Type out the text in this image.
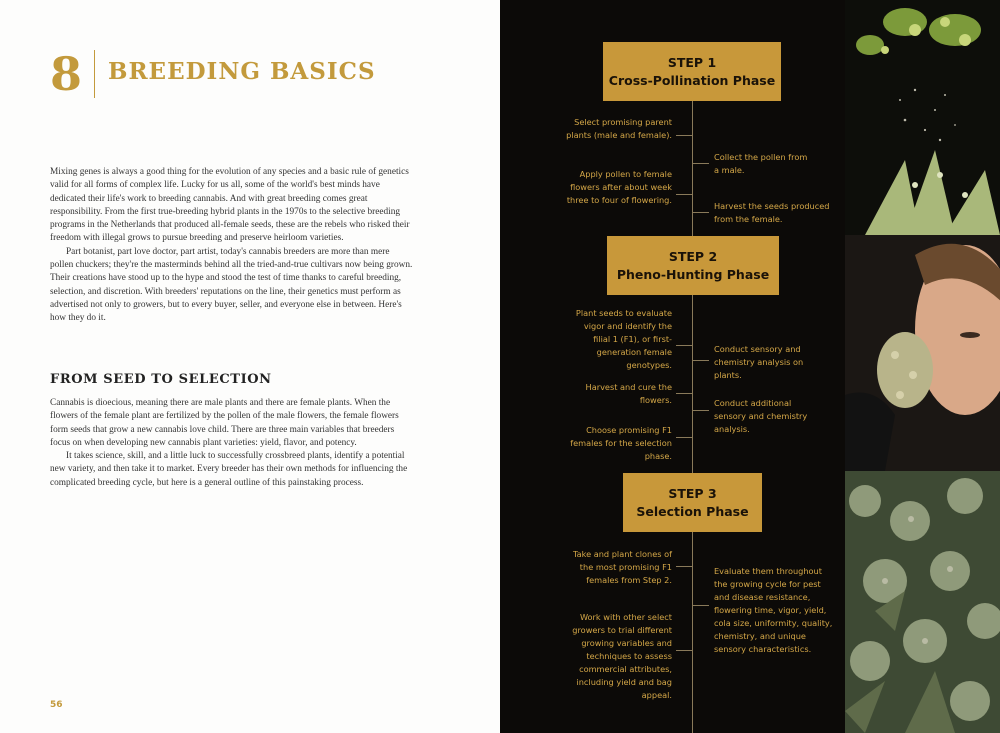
8 BREEDING BASICS

Mixing genes is always a good thing for the evolution of any species and a basic rule of genetics valid for all forms of complex life. Lucky for us all, some of the world's best minds have dedicated their life's work to breeding cannabis. And with great breeding comes great responsibility. From the first true-breeding hybrid plants in the 1970s to the selective breeding programs in the Netherlands that produced all-female seeds, these are the rebels who risked their freedom with illegal grows to pursue breeding and preserve heirloom varieties.

Part botanist, part love doctor, part artist, today's cannabis breeders are more than mere pollen chuckers; they're the masterminds behind all the tried-and-true cultivars now being grown. Their creations have stood up to the hype and stood the test of time thanks to careful breeding, selection, and discretion. With breeders' reputations on the line, their genetics must perform as advertised not only to growers, but to every buyer, seller, and everyone else in between. Here's how they do it.

FROM SEED TO SELECTION

Cannabis is dioecious, meaning there are male plants and there are female plants. When the flowers of the female plant are fertilized by the pollen of the male flowers, the female flowers form seeds that grow a new cannabis love child. There are three main variables that breeders focus on when developing new cannabis plant varieties: yield, flavor, and potency.

It takes science, skill, and a little luck to successfully crossbreed plants, identify a potential new variety, and then take it to market. Every breeder has their own methods for influencing the complicated breeding cycle, but here is a general outline of this painstaking process.

56
STEP 1
Cross-Pollination Phase
Select promising parent plants (male and female).
Collect the pollen from a male.
Apply pollen to female flowers after about week three to four of flowering.
Harvest the seeds produced from the female.
STEP 2
Pheno-Hunting Phase
Plant seeds to evaluate vigor and identify the filial 1 (F1), or first-generation female genotypes.
Conduct sensory and chemistry analysis on plants.
Harvest and cure the flowers.	Conduct additional sensory and chemistry analysis.
Choose promising F1 females for the selection phase.
STEP 3
Selection Phase
Take and plant clones of the most promising F1 females from Step 2.
Evaluate them throughout the growing cycle for pest and disease resistance, flowering time, vigor, yield, cola size, uniformity, quality, chemistry, and unique sensory characteristics.
Work with other select growers to trial different growing variables and techniques to assess commercial attributes, including yield and bag appeal.
